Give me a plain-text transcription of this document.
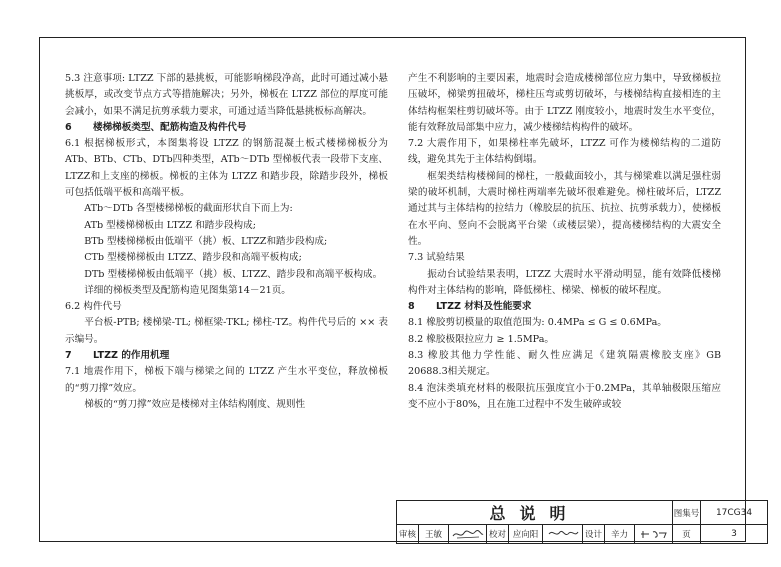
5.3 注意事项: LTZZ 下部的悬挑板，可能影响梯段净高，此时可通过减小悬挑板厚，或改变节点方式等措施解决；另外，梯板在 LTZZ 部位的厚度可能会减小，如果不满足抗剪承载力要求，可通过适当降低悬挑板标高解决。

6 楼梯梯板类型、配筋构造及构件代号

6.1 根据梯板形式，本图集将设 LTZZ 的钢筋混凝土板式楼梯梯板分为ATb、BTb、CTb、DTb四种类型，ATb～DTb 型梯板代表一段带下支座、LTZZ和上支座的梯板。梯板的主体为 LTZZ 和踏步段，除踏步段外，梯板可包括低端平板和高端平板。

ATb～DTb 各型楼梯梯板的截面形状自下而上为:

ATb 型楼梯梯板由 LTZZ 和踏步段构成;

BTb 型楼梯梯板由低端平（挑）板、LTZZ和踏步段构成;

CTb 型楼梯梯板由 LTZZ、踏步段和高端平板构成;

DTb 型楼梯梯板由低端平（挑）板、LTZZ、踏步段和高端平板构成。

详细的梯板类型及配筋构造见图集第14－21页。

6.2 构件代号

平台板-PTB; 楼梯梁-TL; 梯框梁-TKL; 梯柱-TZ。构件代号后的 ×× 表示编号。

7 LTZZ 的作用机理

7.1 地震作用下，梯板下端与梯梁之间的 LTZZ 产生水平变位，释放梯板的“剪刀撑”效应。

梯板的“剪刀撑”效应是楼梯对主体结构刚度、规则性

产生不利影响的主要因素，地震时会造成楼梯部位应力集中，导致梯板拉压破坏，梯梁剪扭破坏，梯柱压弯或剪切破坏，与楼梯结构直接相连的主体结构框架柱剪切破坏等。由于 LTZZ 刚度较小，地震时发生水平变位，能有效释放局部集中应力，减少楼梯结构构件的破坏。

7.2 大震作用下，如果梯柱率先破坏，LTZZ 可作为楼梯结构的二道防线，避免其先于主体结构倒塌。

框架类结构楼梯间的梯柱，一般截面较小，其与梯梁难以满足强柱弱梁的破坏机制，大震时梯柱两端率先破坏很难避免。梯柱破坏后，LTZZ 通过其与主体结构的拉结力（橡胶层的抗压、抗拉、抗剪承载力），使梯板在水平向、竖向不会脱离平台梁（或楼层梁），提高楼梯结构的大震安全性。

7.3 试验结果

振动台试验结果表明，LTZZ 大震时水平滑动明显，能有效降低楼梯构件对主体结构的影响，降低梯柱、梯梁、梯板的破坏程度。

8 LTZZ 材料及性能要求

8.1 橡胶剪切模量的取值范围为: 0.4MPa ≤ G ≤ 0.6MPa。

8.2 橡胶极限拉应力 ≥ 1.5MPa。

8.3 橡胶其他力学性能、耐久性应满足《建筑隔震橡胶支座》GB 20688.3相关规定。

8.4 泡沫类填充材料的极限抗压强度宜小于0.2MPa，其单轴极限压缩应变不应小于80%，且在施工过程中不发生破碎或较

总说明									图集号	17CG34
审核	王敏		校对	应向阳		设计	辛力		页	3
